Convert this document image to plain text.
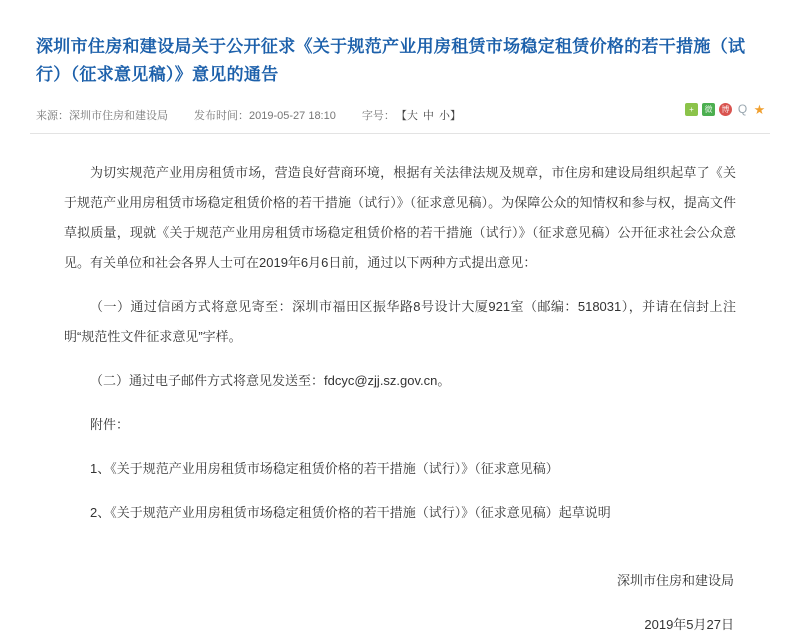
深圳市住房和建设局关于公开征求《关于规范产业用房租赁市场稳定租赁价格的若干措施（试行）（征求意见稿）》意见的通告
来源：深圳市住房和建设局 发布时间：2019-05-27 18:10 字号： 【大 中 小】
+	微	博 Q ★

为切实规范产业用房租赁市场，营造良好营商环境，根据有关法律法规及规章，市住房和建设局组织起草了《关于规范产业用房租赁市场稳定租赁价格的若干措施（试行）》（征求意见稿）。为保障公众的知情权和参与权，提高文件草拟质量，现就《关于规范产业用房租赁市场稳定租赁价格的若干措施（试行）》（征求意见稿）公开征求社会公众意见。有关单位和社会各界人士可在2019年6月6日前，通过以下两种方式提出意见：

（一）通过信函方式将意见寄至：深圳市福田区振华路8号设计大厦921室（邮编：518031），并请在信封上注明“规范性文件征求意见”字样。

（二）通过电子邮件方式将意见发送至：fdcyc@zjj.sz.gov.cn。

附件：

1、《关于规范产业用房租赁市场稳定租赁价格的若干措施（试行）》（征求意见稿）

2、《关于规范产业用房租赁市场稳定租赁价格的若干措施（试行）》（征求意见稿）起草说明

深圳市住房和建设局
2019年5月27日
